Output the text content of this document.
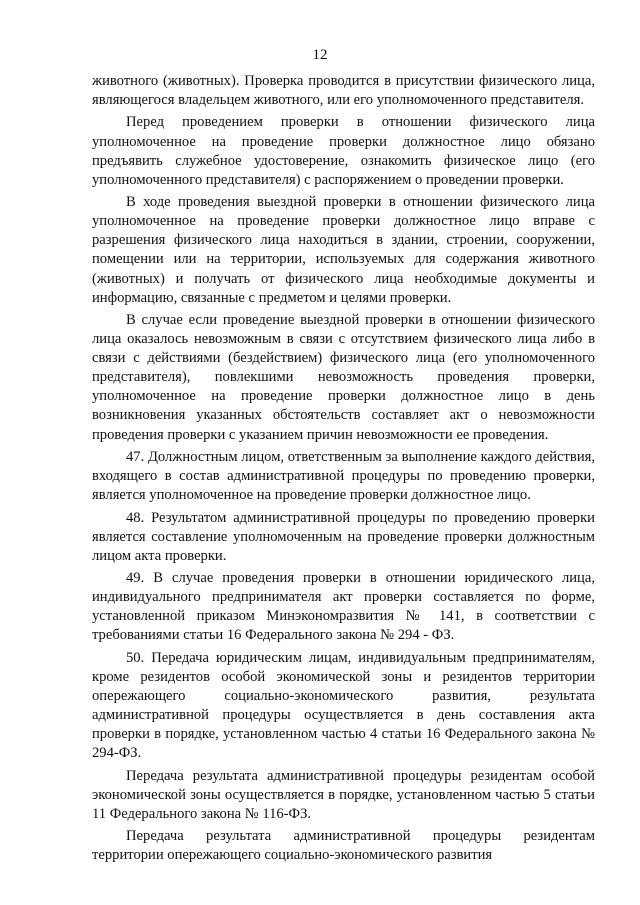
12

животного (животных). Проверка проводится в присутствии физического лица, являющегося владельцем животного, или его уполномоченного представителя.

Перед проведением проверки в отношении физического лица уполномоченное на проведение проверки должностное лицо обязано предъявить служебное удостоверение, ознакомить физическое лицо (его уполномоченного представителя) с распоряжением о проведении проверки.

В ходе проведения выездной проверки в отношении физического лица уполномоченное на проведение проверки должностное лицо вправе с разрешения физического лица находиться в здании, строении, сооружении, помещении или на территории, используемых для содержания животного (животных) и получать от физического лица необходимые документы и информацию, связанные с предметом и целями проверки.

В случае если проведение выездной проверки в отношении физического лица оказалось невозможным в связи с отсутствием физического лица либо в связи с действиями (бездействием) физического лица (его уполномоченного представителя), повлекшими невозможность проведения проверки, уполномоченное на проведение проверки должностное лицо в день возникновения указанных обстоятельств составляет акт о невозможности проведения проверки с указанием причин невозможности ее проведения.

47. Должностным лицом, ответственным за выполнение каждого действия, входящего в состав административной процедуры по проведению проверки, является уполномоченное на проведение проверки должностное лицо.

48. Результатом административной процедуры по проведению проверки является составление уполномоченным на проведение проверки должностным лицом акта проверки.

49. В случае проведения проверки в отношении юридического лица, индивидуального предпринимателя акт проверки составляется по форме, установленной приказом Минэкономразвития № 141, в соответствии с требованиями статьи 16 Федерального закона № 294 - ФЗ.

50. Передача юридическим лицам, индивидуальным предпринимателям, кроме резидентов особой экономической зоны и резидентов территории опережающего социально-экономического развития, результата административной процедуры осуществляется в день составления акта проверки в порядке, установленном частью 4 статьи 16 Федерального закона № 294-ФЗ.

Передача результата административной процедуры резидентам особой экономической зоны осуществляется в порядке, установленном частью 5 статьи 11 Федерального закона № 116-ФЗ.

Передача результата административной процедуры резидентам территории опережающего социально-экономического развития
